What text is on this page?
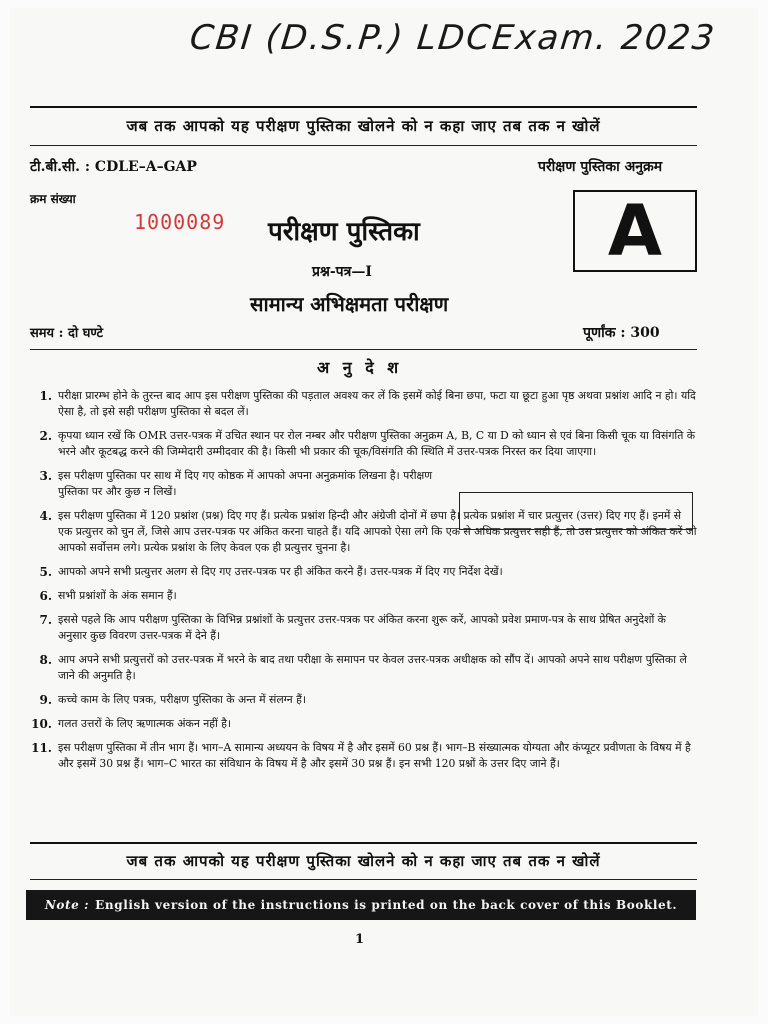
CBI (D.S.P.) LDCExam. 2023
जब तक आपको यह परीक्षण पुस्तिका खोलने को न कहा जाए तब तक न खोलें
टी.बी.सी. : CDLE–A–GAP	परीक्षण पुस्तिका अनुक्रम
क्रम संख्या
1000089 परीक्षण पुस्तिका
प्रश्न-पत्र—I
सामान्य अभिक्षमता परीक्षण
A
समय : दो घण्टे	पूर्णांक : 300
अ नु दे श
1. परीक्षा प्रारम्भ होने के तुरन्त बाद आप इस परीक्षण पुस्तिका की पड़ताल अवश्य कर लें कि इसमें कोई बिना छपा, फटा या छूटा हुआ पृष्ठ अथवा प्रश्नांश आदि न हो। यदि ऐसा है, तो इसे सही परीक्षण पुस्तिका से बदल लें।
2. कृपया ध्यान रखें कि OMR उत्तर-पत्रक में उचित स्थान पर रोल नम्बर और परीक्षण पुस्तिका अनुक्रम A, B, C या D को ध्यान से एवं बिना किसी चूक या विसंगति के भरने और कूटबद्ध करने की जिम्मेदारी उम्मीदवार की है। किसी भी प्रकार की चूक/विसंगति की स्थिति में उत्तर-पत्रक निरस्त कर दिया जाएगा।
3. इस परीक्षण पुस्तिका पर साथ में दिए गए कोष्ठक में आपको अपना अनुक्रमांक लिखना है। परीक्षण पुस्तिका पर और कुछ न लिखें।
4. इस परीक्षण पुस्तिका में 120 प्रश्नांश (प्रश्न) दिए गए हैं। प्रत्येक प्रश्नांश हिन्दी और अंग्रेजी दोनों में छपा है। प्रत्येक प्रश्नांश में चार प्रत्युत्तर (उत्तर) दिए गए हैं। इनमें से एक प्रत्युत्तर को चुन लें, जिसे आप उत्तर-पत्रक पर अंकित करना चाहते हैं। यदि आपको ऐसा लगे कि एक से अधिक प्रत्युत्तर सही हैं, तो उस प्रत्युत्तर को अंकित करें जो आपको सर्वोत्तम लगे। प्रत्येक प्रश्नांश के लिए केवल एक ही प्रत्युत्तर चुनना है।
5. आपको अपने सभी प्रत्युत्तर अलग से दिए गए उत्तर-पत्रक पर ही अंकित करने हैं। उत्तर-पत्रक में दिए गए निर्देश देखें।
6. सभी प्रश्नांशों के अंक समान हैं।
7. इससे पहले कि आप परीक्षण पुस्तिका के विभिन्न प्रश्नांशों के प्रत्युत्तर उत्तर-पत्रक पर अंकित करना शुरू करें, आपको प्रवेश प्रमाण-पत्र के साथ प्रेषित अनुदेशों के अनुसार कुछ विवरण उत्तर-पत्रक में देने हैं।
8. आप अपने सभी प्रत्युत्तरों को उत्तर-पत्रक में भरने के बाद तथा परीक्षा के समापन पर केवल उत्तर-पत्रक अधीक्षक को सौंप दें। आपको अपने साथ परीक्षण पुस्तिका ले जाने की अनुमति है।
9. कच्चे काम के लिए पत्रक, परीक्षण पुस्तिका के अन्त में संलग्न हैं।
10. गलत उत्तरों के लिए ऋणात्मक अंकन नहीं है।
11. इस परीक्षण पुस्तिका में तीन भाग हैं। भाग–A सामान्य अध्ययन के विषय में है और इसमें 60 प्रश्न हैं। भाग–B संख्यात्मक योग्यता और कंप्यूटर प्रवीणता के विषय में है और इसमें 30 प्रश्न हैं। भाग–C भारत का संविधान के विषय में है और इसमें 30 प्रश्न हैं। इन सभी 120 प्रश्नों के उत्तर दिए जाने हैं।
जब तक आपको यह परीक्षण पुस्तिका खोलने को न कहा जाए तब तक न खोलें
Note : English version of the instructions is printed on the back cover of this Booklet.
1
